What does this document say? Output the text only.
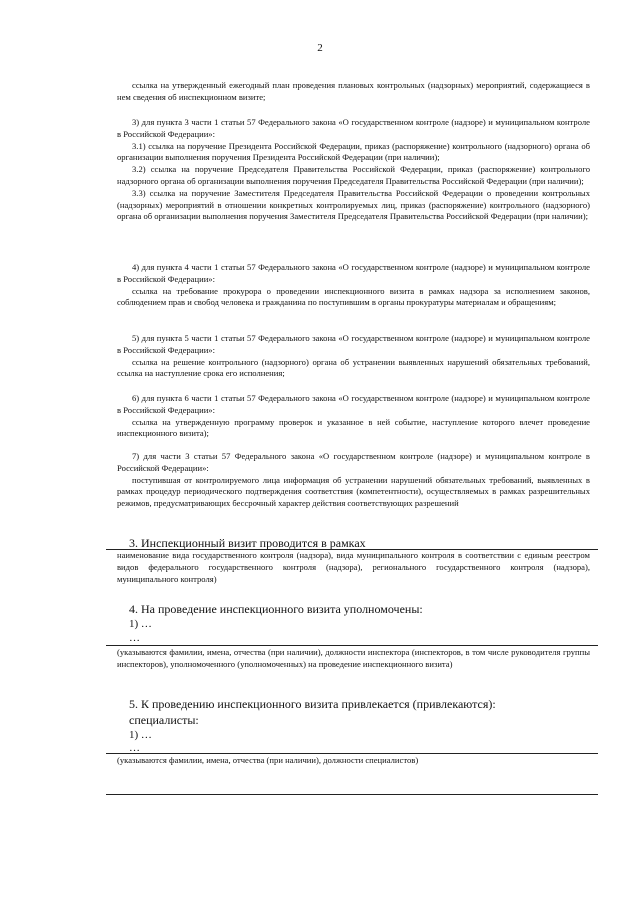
2

ссылка на утвержденный ежегодный план проведения плановых контрольных (надзорных) мероприятий, содержащиеся в нем сведения об инспекционном визите;

3) для пункта 3 части 1 статьи 57 Федерального закона «О государственном контроле (надзоре) и муниципальном контроле в Российской Федерации»:

3.1) ссылка на поручение Президента Российской Федерации, приказ (распоряжение) контрольного (надзорного) органа об организации выполнения поручения Президента Российской Федерации (при наличии);

3.2) ссылка на поручение Председателя Правительства Российской Федерации, приказ (распоряжение) контрольного надзорного органа об организации выполнения поручения Председателя Правительства Российской Федерации (при наличии);

3.3) ссылка на поручение Заместителя Председателя Правительства Российской Федерации о проведении контрольных (надзорных) мероприятий в отношении конкретных контролируемых лиц, приказ (распоряжение) контрольного (надзорного) органа об организации выполнения поручения Заместителя Председателя Правительства Российской Федерации (при наличии);

4) для пункта 4 части 1 статьи 57 Федерального закона «О государственном контроле (надзоре) и муниципальном контроле в Российской Федерации»:

ссылка на требование прокурора о проведении инспекционного визита в рамках надзора за исполнением законов, соблюдением прав и свобод человека и гражданина по поступившим в органы прокуратуры материалам и обращениям;

5) для пункта 5 части 1 статьи 57 Федерального закона «О государственном контроле (надзоре) и муниципальном контроле в Российской Федерации»:

ссылка на решение контрольного (надзорного) органа об устранении выявленных нарушений обязательных требований, ссылка на наступление срока его исполнения;

6) для пункта 6 части 1 статьи 57 Федерального закона «О государственном контроле (надзоре) и муниципальном контроле в Российской Федерации»:

ссылка на утвержденную программу проверок и указанное в ней событие, наступление которого влечет проведение инспекционного визита);

7) для части 3 статьи 57 Федерального закона «О государственном контроле (надзоре) и муниципальном контроле в Российской Федерации»:

поступившая от контролируемого лица информация об устранении нарушений обязательных требований, выявленных в рамках процедур периодического подтверждения соответствия (компетентности), осуществляемых в рамках разрешительных режимов, предусматривающих бессрочный характер действия соответствующих разрешений

3. Инспекционный визит проводится в рамках
наименование вида государственного контроля (надзора), вида муниципального контроля в соответствии с единым реестром видов федерального государственного контроля (надзора), регионального государственного контроля (надзора), муниципального контроля)
4. На проведение инспекционного визита уполномочены:
1) …
…
(указываются фамилии, имена, отчества (при наличии), должности инспектора (инспекторов, в том числе руководителя группы инспекторов), уполномоченного (уполномоченных) на проведение инспекционного визита)
5. К проведению инспекционного визита привлекается (привлекаются):
специалисты:
1) …
…
(указываются фамилии, имена, отчества (при наличии), должности специалистов)
